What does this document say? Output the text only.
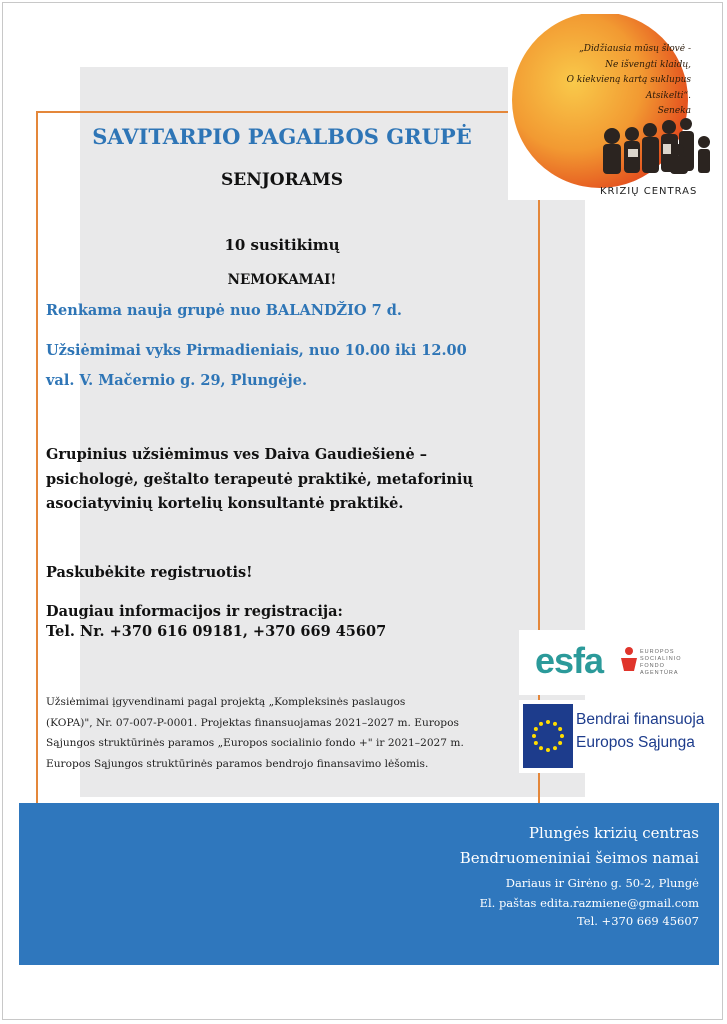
„Didžiausia mūsų šlovė -
Ne išvengti klaidų,
O kiekvieną kartą suklupus
Atsikelti“.
Seneka
KRIZIŲ CENTRAS
SAVITARPIO PAGALBOS GRUPĖ
SENJORAMS
10 susitikimų
NEMOKAMAI!
Renkama nauja grupė nuo BALANDŽIO 7 d.
Užsiėmimai vyks Pirmadieniais, nuo 10.00 iki 12.00
val. V. Mačernio g. 29, Plungėje.
Grupinius užsiėmimus ves Daiva Gaudiešienė –
psichologė, geštalto terapeutė praktikė, metaforinių
asociatyvinių kortelių konsultantė praktikė.
Paskubėkite registruotis!
Daugiau informacijos ir registracija:
Tel. Nr. +370 616 09181, +370 669 45607
Užsiėmimai įgyvendinami pagal projektą „Kompleksinės paslaugos
(KOPA)", Nr. 07-007-P-0001. Projektas finansuojamas 2021–2027 m. Europos
Sąjungos struktūrinės paramos „Europos socialinio fondo +" ir 2021–2027 m.
Europos Sąjungos struktūrinės paramos bendrojo finansavimo lėšomis.
esfa	EUROPOS
SOCIALINIO
FONDO
AGENTŪRA
Bendrai finansuoja
Europos Sąjunga
Plungės krizių centras
Bendruomeniniai šeimos namai
Dariaus ir Girėno g. 50-2, Plungė
El. paštas edita.razmiene@gmail.com
Tel. +370 669 45607
